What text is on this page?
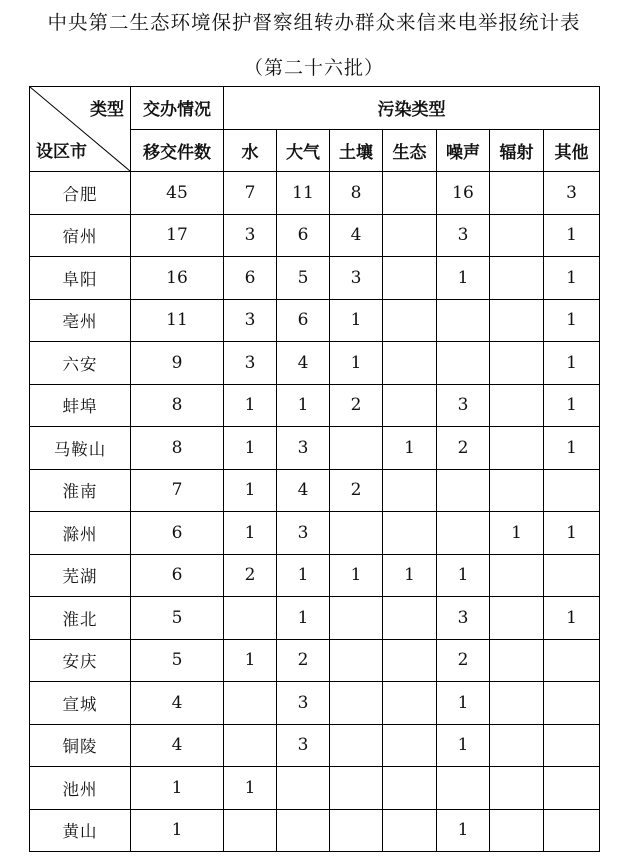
中央第二生态环境保护督察组转办群众来信来电举报统计表
（第二十六批）
类型
设区市	交办情况	污染类型						
	移交件数	水	大气	土壤	生态	噪声	辐射	其他
合肥	45	7	11	8		16		3
宿州	17	3	6	4		3		1
阜阳	16	6	5	3		1		1
亳州	11	3	6	1				1
六安	9	3	4	1				1
蚌埠	8	1	1	2		3		1
马鞍山	8	1	3		1	2		1
淮南	7	1	4	2				
滁州	6	1	3				1	1
芜湖	6	2	1	1	1	1		
淮北	5		1			3		1
安庆	5	1	2			2		
宣城	4		3			1		
铜陵	4		3			1		
池州	1	1						
黄山	1					1		
